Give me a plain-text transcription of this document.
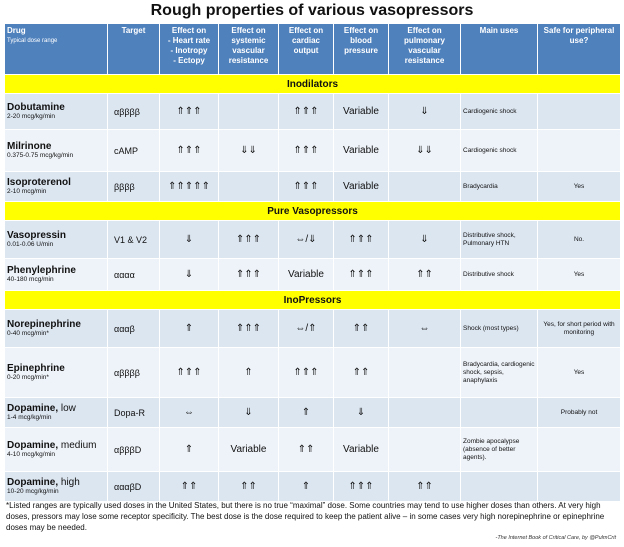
Rough properties of various vasopressors
Drug
Typical dose range	Target	Effect on
- Heart rate
- Inotropy
- Ectopy	Effect on systemic vascular resistance	Effect on cardiac output	Effect on blood pressure	Effect on pulmonary vascular resistance	Main uses	Safe for peripheral use?
Inodilators								
Dobutamine
2-20 mcg/kg/min	αββββ	⇑⇑⇑		⇑⇑⇑	Variable	⇓	Cardiogenic shock	
Milrinone
0.375-0.75 mcg/kg/min	cAMP	⇑⇑⇑	⇓⇓	⇑⇑⇑	Variable	⇓⇓	Cardiogenic shock	
Isoproterenol
2-10 mcg/min	ββββ	⇑⇑⇑⇑⇑		⇑⇑⇑	Variable		Bradycardia	Yes
Pure Vasopressors								
Vasopressin
0.01-0.06 U/min	V1 & V2	⇓	⇑⇑⇑	⇔/⇓	⇑⇑⇑	⇓	Distributive shock, Pulmonary HTN	No.
Phenylephrine
40-180 mcg/min	αααα	⇓	⇑⇑⇑	Variable	⇑⇑⇑	⇑⇑	Distributive shock	Yes
InoPressors								
Norepinephrine
0-40 mcg/min*	αααβ	⇑	⇑⇑⇑	⇔/⇑	⇑⇑	⇔	Shock (most types)	Yes, for short period with monitoring
Epinephrine
0-20 mcg/min*	αββββ	⇑⇑⇑	⇑	⇑⇑⇑	⇑⇑		Bradycardia, cardiogenic shock, sepsis, anaphylaxis	Yes
Dopamine, low
1-4 mcg/kg/min	Dopa-R	⇔	⇓	⇑	⇓			Probably not
Dopamine, medium
4-10 mcg/kg/min	αβββD	⇑	Variable	⇑⇑	Variable		Zombie apocalypse (absence of better agents).	
Dopamine, high
10-20 mcg/kg/min	αααβD	⇑⇑	⇑⇑	⇑	⇑⇑⇑	⇑⇑		
*Listed ranges are typically used doses in the United States, but there is no true “maximal” dose. Some countries may tend to use higher doses than others. At very high doses, pressors may lose some receptor specificity. The best dose is the dose required to keep the patient alive – in some cases very high norepinephrine or epinephrine doses may be needed.
-The Internet Book of Critical Care, by @PulmCrit
